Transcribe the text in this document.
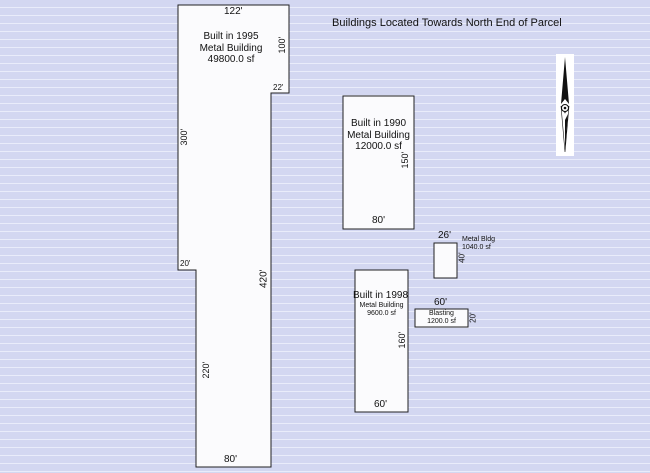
Buildings Located Towards North End of Parcel
122'
Built in 1995
Metal Building
49800.0 sf
100'
22'
300'
20'
420'
220'
80'
Built in 1990
Metal Building
12000.0 sf
150'
80'
26'
40'
Metal Bldg
1040.0 sf
Built in 1998
Metal Building
9600.0 sf
160'
60'
60'
Blasting
1200.0 sf	20'
